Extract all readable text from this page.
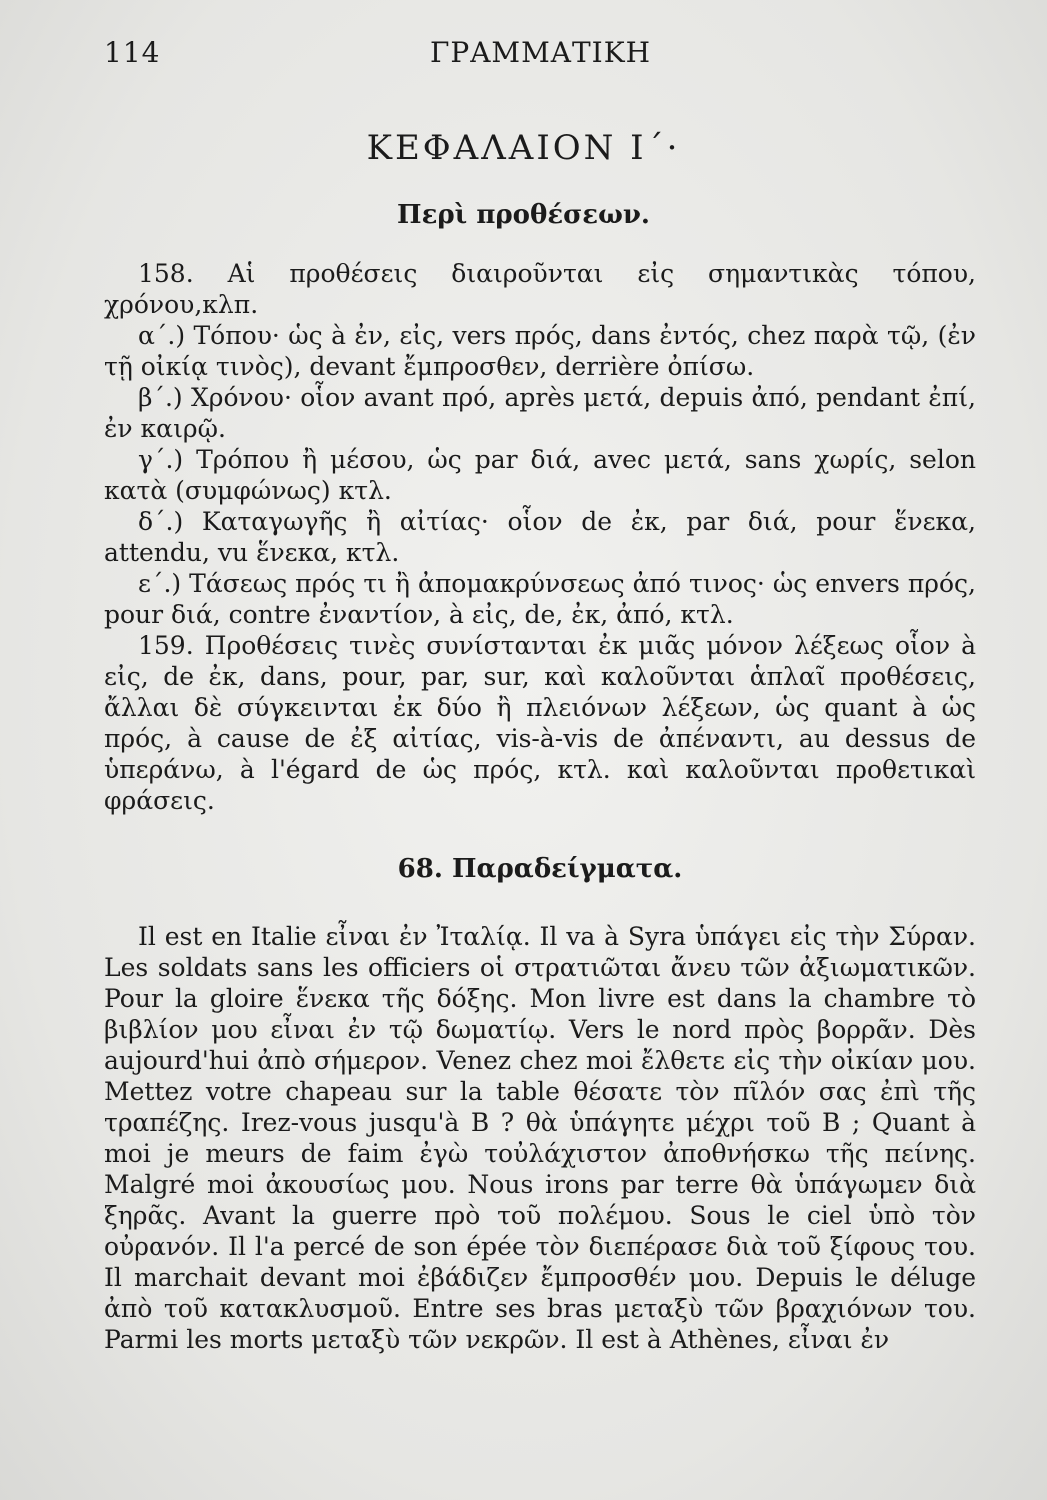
114	ΓΡΑΜΜΑΤΙΚΗ
ΚΕΦΑΛΑΙΟΝ Ι΄·
Περὶ προθέσεων.

158. Αἱ προθέσεις διαιροῦνται εἰς σημαντικὰς τόπου, χρόνου,κλπ.

α΄.) Τόπου· ὡς à ἐν, εἰς, vers πρός, dans ἐντός, chez παρὰ τῷ, (ἐν τῇ οἰκίᾳ τινὸς), devant ἔμπροσθεν, derrière ὀπίσω.

β΄.) Χρόνου· οἷον avant πρό, après μετά, depuis ἀπό, pendant ἐπί, ἐν καιρῷ.

γ΄.) Τρόπου ἢ μέσου, ὡς par διά, avec μετά, sans χωρίς, selon κατὰ (συμφώνως) κτλ.

δ΄.) Καταγωγῆς ἢ αἰτίας· οἷον de ἐκ, par διά, pour ἕνεκα, attendu, vu ἕνεκα, κτλ.

ε΄.) Τάσεως πρός τι ἢ ἀπομακρύνσεως ἀπό τινος· ὡς envers πρός, pour διά, contre ἐναντίον, à εἰς, de, ἐκ, ἀπό, κτλ.

159. Προθέσεις τινὲς συνίστανται ἐκ μιᾶς μόνον λέξεως οἷον à εἰς, de ἐκ, dans, pour, par, sur, καὶ καλοῦνται ἁπλαῖ προθέσεις, ἄλλαι δὲ σύγκεινται ἐκ δύο ἢ πλειόνων λέξεων, ὡς quant à ὡς πρός, à cause de ἐξ αἰτίας, vis-à-vis de ἀπέναντι, au dessus de ὑπεράνω, à l'égard de ὡς πρός, κτλ. καὶ καλοῦνται προθετικαὶ φράσεις.

68. Παραδείγματα.

Il est en Italie εἶναι ἐν Ἰταλίᾳ. Il va à Syra ὑπάγει εἰς τὴν Σύραν. Les soldats sans les officiers οἱ στρατιῶται ἄνευ τῶν ἀξιωματικῶν. Pour la gloire ἕνεκα τῆς δόξης. Mon livre est dans la chambre τὸ βιβλίον μου εἶναι ἐν τῷ δωματίῳ. Vers le nord πρὸς βορρᾶν. Dès aujourd'hui ἀπὸ σήμερον. Venez chez moi ἔλθετε εἰς τὴν οἰκίαν μου. Mettez votre chapeau sur la table θέσατε τὸν πῖλόν σας ἐπὶ τῆς τραπέζης. Irez-vous jusqu'à B ? θὰ ὑπάγητε μέχρι τοῦ B ; Quant à moi je meurs de faim ἐγὼ τοὐλάχιστον ἀποθνήσκω τῆς πείνης. Malgré moi ἀκουσίως μου. Nous irons par terre θὰ ὑπάγωμεν διὰ ξηρᾶς. Avant la guerre πρὸ τοῦ πολέμου. Sous le ciel ὑπὸ τὸν οὐρανόν. Il l'a percé de son épée τὸν διεπέρασε διὰ τοῦ ξίφους του. Il marchait devant moi ἐβάδιζεν ἔμπροσθέν μου. Depuis le déluge ἀπὸ τοῦ κατακλυσμοῦ. Entre ses bras μεταξὺ τῶν βραχιόνων του. Parmi les morts μεταξὺ τῶν νεκρῶν. Il est à Athènes, εἶναι ἐν
